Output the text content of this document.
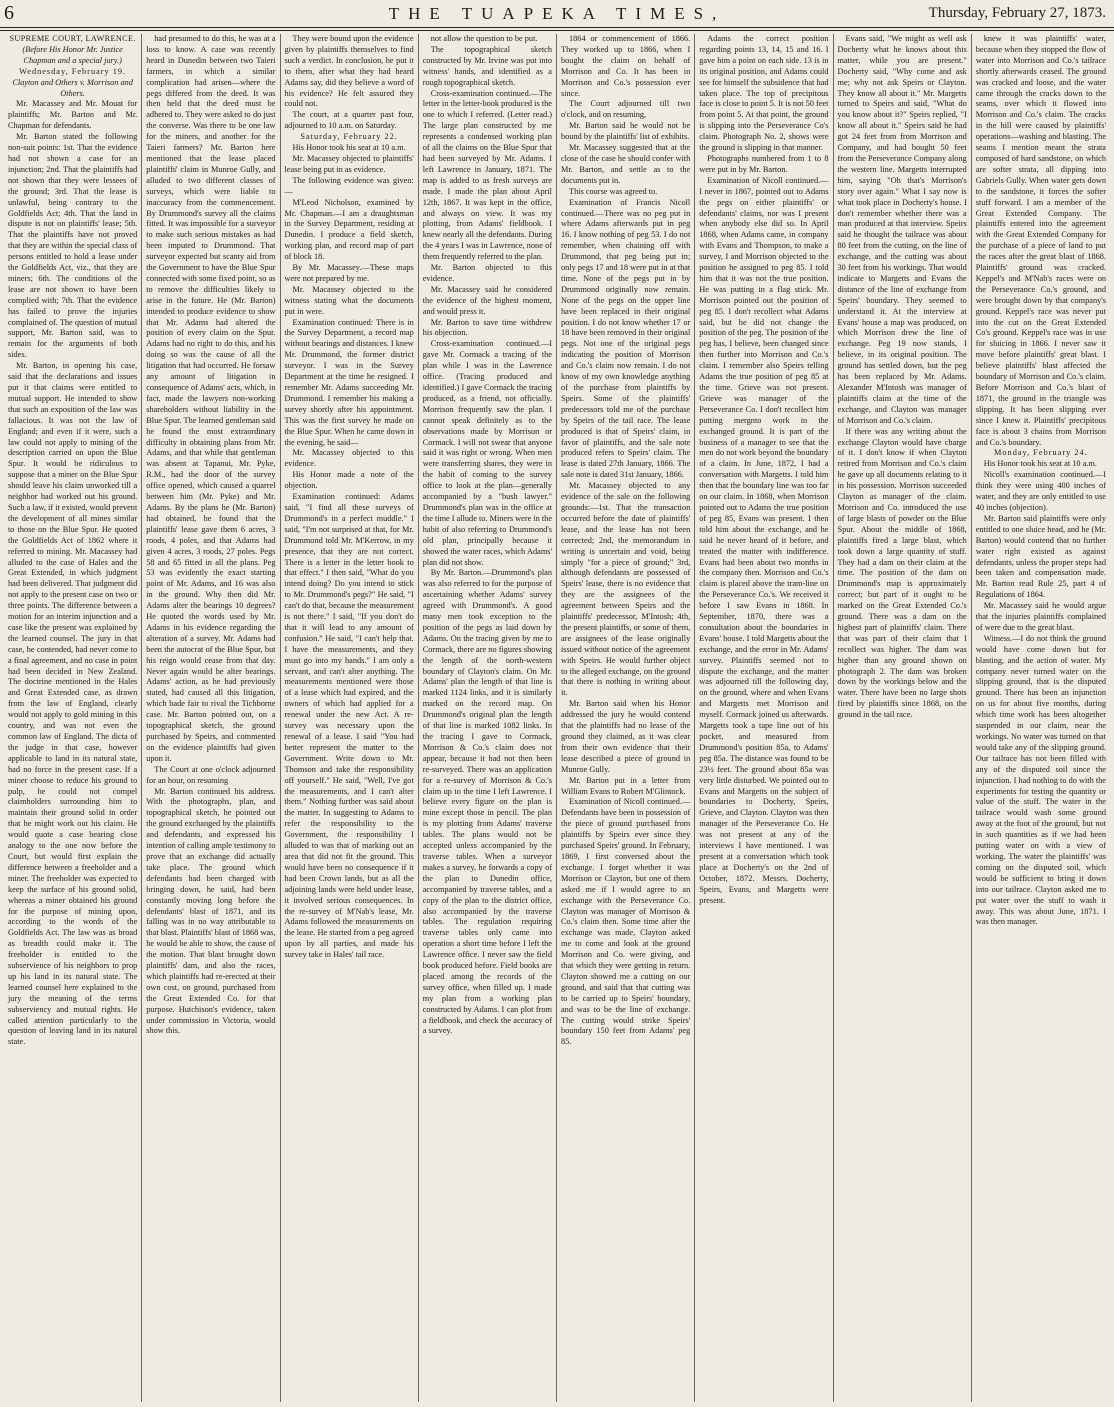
6	THE TUAPEKA TIMES,	Thursday, February 27, 1873.

SUPREME COURT, LAWRENCE.

(Before His Honor Mr. Justice Chapman and a special jury.)

Wednesday, February 19.

Clayton and Others v. Morrison and Others.

Mr. Macassey and Mr. Mouat for plaintiffs; Mr. Barton and Mr. Chapman for defendants.

Mr. Barton stated the following non-suit points: 1st. That the evidence had not shown a case for an injunction; 2nd. That the plaintiffs had not shown that they were lessees of the ground; 3rd. That the lease is unlawful, being contrary to the Goldfields Act; 4th. That the land in dispute is not on plaintiffs' lease; 5th. That the plaintiffs have not proved that they are within the special class of persons entitled to hold a lease under the Goldfields Act, viz., that they are miners; 6th. The conditions of the lease are not shown to have been complied with; 7th. That the evidence has failed to prove the injuries complained of. The question of mutual support, Mr. Barton said, was to remain for the arguments of both sides.

Mr. Barton, in opening his case, said that the declarations and issues put it that claims were entitled to mutual support. He intended to show that such an exposition of the law was fallacious. It was not the law of England; and even if it were, such a law could not apply to mining of the description carried on upon the Blue Spur. It would be ridiculous to suppose that a miner on the Blue Spur should leave his claim unworked till a neighbor had worked out his ground. Such a law, if it existed, would prevent the development of all mines similar to those on the Blue Spur. He quoted the Goldfields Act of 1862 where it referred to mining. Mr. Macassey had alluded to the case of Hales and the Great Extended, in which judgment had been delivered. That judgment did not apply to the present case on two or three points. The difference between a motion for an interim injunction and a case like the present was explained by the learned counsel. The jury in that case, he contended, had never come to a final agreement, and no case in point had been decided in New Zealand. The doctrine mentioned in the Hales and Great Extended case, as drawn from the law of England, clearly would not apply to gold mining in this country, and was not even the common law of England. The dicta of the judge in that case, however applicable to land in its natural state, had no force in the present case. If a miner choose to reduce his ground to pulp, he could not compel claimholders surrounding him to maintain their ground solid in order that he might work out his claim. He would quote a case bearing close analogy to the one now before the Court, but would first explain the difference between a freeholder and a miner. The freeholder was expected to keep the surface of his ground solid, whereas a miner obtained his ground for the purpose of mining upon, according to the words of the Goldfields Act. The law was as broad as breadth could make it. The freeholder is entitled to the subservience of his neighbors to prop up his land in its natural state. The learned counsel here explained to the jury the meaning of the terms subserviency and mutual rights. He called attention particularly to the question of leaving land in its natural state.

had presumed to do this, he was at a loss to know. A case was recently heard in Dunedin between two Taieri farmers, in which a similar complication had arisen—where the pegs differed from the deed. It was then held that the deed must be adhered to. They were asked to do just the converse. Was there to be one law for the miners, and another for the Taieri farmers? Mr. Barton here mentioned that the lease placed plaintiffs' claim in Munroe Gully, and alluded to two different classes of surveys, which were liable to inaccuracy from the commencement. By Drummond's survey all the claims fitted. It was impossible for a surveyor to make such serious mistakes as had been imputed to Drummond. That surveyor expected but scanty aid from the Government to have the Blue Spur connected with some fixed point, so as to remove the difficulties likely to arise in the future. He (Mr. Barton) intended to produce evidence to show that Mr. Adams had altered the position of every claim on the Spur. Adams had no right to do this, and his doing so was the cause of all the litigation that had occurred. He forsaw any amount of litigation in consequence of Adams' acts, which, in fact, made the lawyers non-working shareholders without liability in the Blue Spur. The learned gentleman said he found the most extraordinary difficulty in obtaining plans from Mr. Adams, and that while that gentleman was absent at Tapanui, Mr. Pyke, R.M., had the door of the survey office opened, which caused a quarrel between him (Mr. Pyke) and Mr. Adams. By the plans he (Mr. Barton) had obtained, he found that the plaintiffs' lease gave them 6 acres, 3 roods, 4 poles, and that Adams had given 4 acres, 3 roods, 27 poles. Pegs 58 and 65 fitted in all the plans. Peg 53 was evidently the exact starting point of Mr. Adams, and 16 was also in the ground. Why then did Mr. Adams alter the bearings 10 degrees? He quoted the words used by Mr. Adams in his evidence regarding the alteration of a survey. Mr. Adams had been the autocrat of the Blue Spur, but his reign would cease from that day. Never again would he alter bearings. Adams' action, as he had previously stated, had caused all this litigation, which bade fair to rival the Tichborne case. Mr. Barton pointed out, on a topographical sketch, the ground purchased by Speirs, and commented on the evidence plaintiffs had given upon it.

The Court at one o'clock adjourned for an hour, on resuming

Mr. Barton continued his address. With the photographs, plan, and topographical sketch, he pointed out the ground exchanged by the plaintiffs and defendants, and expressed his intention of calling ample testimony to prove that an exchange did actually take place. The ground which defendants had been charged with bringing down, he said, had been constantly moving long before the defendants' blast of 1871, and its falling was in no way attributable to that blast. Plaintiffs' blast of 1868 was, he would be able to show, the cause of the motion. That blast brought down plaintiffs' dam, and also the races, which plaintiffs had re-erected at their own cost, on ground, purchased from the Great Extended Co. for that purpose. Hutchison's evidence, taken under commission in Victoria, would show this.

They were bound upon the evidence given by plaintiffs themselves to find such a verdict. In conclusion, he put it to them, after what they had heard Adams say, did they believe a word of his evidence? He felt assured they could not.

The court, at a quarter past four, adjourned to 10 a.m. on Saturday.

Saturday, February 22.

His Honor took his seat at 10 a.m.

Mr. Macassey objected to plaintiffs' lease being put in as evidence.

The following evidence was given:—

M'Leod Nicholson, examined by Mr. Chapman.—I am a draughtsman in the Survey Department, residing at Dunedin. I produce a field sketch, working plan, and record map of part of block 18.

By Mr. Macassey.—These maps were not prepared by me.

Mr. Macassey objected to the witness stating what the documents put in were.

Examination continued: There is in the Survey Department, a record map without bearings and distances. I knew Mr. Drummond, the former district surveyor. I was in the Survey Department at the time he resigned. I remember Mr. Adams succeeding Mr. Drummond. I remember his making a survey shortly after his appointment. This was the first survey he made on the Blue Spur. When he came down in the evening, he said—

Mr. Macassey objected to this evidence.

His Honor made a note of the objection.

Examination continued: Adams said, "I find all these surveys of Drummond's in a perfect muddle." I said, "I'm not surprised at that, for Mr. Drummond told Mr. M'Kerrow, in my presence, that they are not correct. There is a letter in the letter book to that effect." I then said, "What do you intend doing? Do you intend to stick to Mr. Drummond's pegs?" He said, "I can't do that, because the measurement is not there." I said, "If you don't do that it will lead to any amount of confusion." He said, "I can't help that. I have the measurements, and they must go into my hands." I am only a servant, and can't alter anything. The measurements mentioned were those of a lease which had expired, and the owners of which had applied for a renewal under the new Act. A re-survey was necessary upon the renewal of a lease. I said "You had better represent the matter to the Government. Write down to Mr. Thomson and take the responsibility off yourself." He said, "Well, I've got the measurements, and I can't alter them." Nothing further was said about the matter. In suggesting to Adams to refer the responsibility to the Government, the responsibility I alluded to was that of marking out an area that did not fit the ground. This would have been no consequence if it had been Crown lands, but as all the adjoining lands were held under lease, it involved serious consequences. In the re-survey of M'Nab's lease, Mr. Adams followed the measurements on the lease. He started from a peg agreed upon by all parties, and made his survey take in Hales' tail race.

not allow the question to be put.

The topographical sketch constructed by Mr. Irvine was put into witness' hands, and identified as a rough topographical sketch.

Cross-examination continued.—The letter in the letter-book produced is the one to which I referred. (Letter read.) The large plan constructed by me represents a condensed working plan of all the claims on the Blue Spur that had been surveyed by Mr. Adams. I left Lawrence in January, 1871. The map is added to as fresh surveys are made. I made the plan about April 12th, 1867. It was kept in the office, and always on view. It was my plotting, from Adams' fieldbook. I knew nearly all the defendants. During the 4 years I was in Lawrence, none of them frequently referred to the plan.

Mr. Barton objected to this evidence.

Mr. Macassey said he considered the evidence of the highest moment, and would press it.

Mr. Barton to save time withdrew his objection.

Cross-examination continued.—I gave Mr. Cormack a tracing of the plan while I was in the Lawrence office. (Tracing produced and identified.) I gave Cormack the tracing produced, as a friend, not officially. Morrison frequently saw the plan. I cannot speak definitely as to the observations made by Morrison or Cormack. I will not swear that anyone said it was right or wrong. When men were transferring shares, they were in the habit of coming to the survey office to look at the plan—generally accompanied by a "bush lawyer." Drummond's plan was in the office at the time I allude to. Miners were in the habit of also referring to Drummond's old plan, principally because it showed the water races, which Adams' plan did not show.

By Mr. Barton.—Drummond's plan was also referred to for the purpose of ascertaining whether Adams' survey agreed with Drummond's. A good many men took exception to the position of the pegs as laid down by Adams. On the tracing given by me to Cormack, there are no figures showing the length of the north-western boundary of Clayton's claim. On Mr. Adams' plan the length of that line is marked 1124 links, and it is similarly marked on the record map. On Drummond's original plan the length of that line is marked 1082 links. In the tracing I gave to Cormack, Morrison & Co.'s claim does not appear, because it had not then been re-surveyed. There was an application for a re-survey of Morrison & Co.'s claim up to the time I left Lawrence. I believe every figure on the plan is mine except those in pencil. The plan is my plotting from Adams' traverse tables. The plans would not be accepted unless accompanied by the traverse tables. When a surveyor makes a survey, he forwards a copy of the plan to Dunedin office, accompanied by traverse tables, and a copy of the plan to the district office, also accompanied by the traverse tables. The regulation requiring traverse tables only came into operation a short time before I left the Lawrence office. I never saw the field book produced before. Field books are placed among the records of the survey office, when filled up. I made my plan from a working plan constructed by Adams. I can plot from a fieldbook, and check the accuracy of a survey.

1864 or commencement of 1866. They worked up to 1866, when I bought the claim on behalf of Morrison and Co. It has been in Morrison and Co.'s possession ever since.

The Court adjourned till two o'clock, and on resuming,

Mr. Barton said he would not be bound by the plaintiffs' list of exhibits.

Mr. Macassey suggested that at the close of the case he should confer with Mr. Barton, and settle as to the documents put in.

This course was agreed to.

Examination of Francis Nicoll continued.—There was no peg put in where Adams afterwards put in peg 16. I know nothing of peg 53. I do not remember, when chaining off with Drummond, that peg being put in; only pegs 17 and 18 were put in at that time. None of the pegs put in by Drummond originally now remain. None of the pegs on the upper line have been replaced in their original position. I do not know whether 17 or 18 have been removed in their original pegs. Not one of the original pegs indicating the position of Morrison and Co.'s claim now remain. I do not know of my own knowledge anything of the purchase from plaintiffs by Speirs. Some of the plaintiffs' predecessors told me of the purchase by Speirs of the tail race. The lease produced is that of Speirs' claim, in favor of plaintiffs, and the sale note produced refers to Speirs' claim. The lease is dated 27th January, 1866. The sale note is dated 31st January, 1866.

Mr. Macassey objected to any evidence of the sale on the following grounds:—1st. That the transaction occurred before the date of plaintiffs' lease, and the lease has not been corrected; 2nd, the memorandum in writing is uncertain and void, being simply "for a piece of ground;" 3rd, although defendants are possessed of Speirs' lease, there is no evidence that they are the assignees of the agreement between Speirs and the plaintiffs' predecessor, M'Intosh; 4th, the present plaintiffs, or some of them, are assignees of the lease originally issued without notice of the agreement with Speirs. He would further object to the alleged exchange, on the ground that there is nothing in writing about it.

Mr. Barton said when his Honor addressed the jury he would contend that the plaintiffs had no lease of the ground they claimed, as it was clear from their own evidence that their lease described a piece of ground in Munroe Gully.

Mr. Barton put in a letter from William Evans to Robert M'Glintock.

Examination of Nicoll continued.—Defendants have been in possession of the piece of ground purchased from plaintiffs by Speirs ever since they purchased Speirs' ground. In February, 1869, I first conversed about the exchange. I forget whether it was Morrison or Clayton, but one of them asked me if I would agree to an exchange with the Perseverance Co. Clayton was manager of Morrison & Co.'s claim then. Some time after the exchange was made, Clayton asked me to come and look at the ground Morrison and Co. were giving, and that which they were getting in return. Clayton showed me a cutting on our ground, and said that that cutting was to be carried up to Speirs' boundary, and was to be the line of exchange. The cutting would strike Speirs' boundary 150 feet from Adams' peg 85.

Adams the correct position regarding points 13, 14, 15 and 16. I gave him a point on each side. 13 is in its original position, and Adams could see for himself the subsidence that had taken place. The top of precipitous face is close to point 5. It is not 50 feet from point 5. At that point, the ground is slipping into the Perseverance Co's claim. Photograph No. 2, shows were the ground is slipping in that manner.

Photographs numbered from 1 to 8 were put in by Mr. Barton.

Examination of Nicoll continued.—I never in 1867, pointed out to Adams the pegs on either plaintiffs' or defendants' claims, nor was I present when anybody else did so. In April 1868, when Adams came, in company with Evans and Thompson, to make a survey, I and Morrison objected to the position he assigned to peg 85. I told him that it was not the true position. He was putting in a flag stick. Mr. Morrison pointed out the position of peg 85. I don't recollect what Adams said, but he did not change the position of the peg. The position of the peg has, I believe, been changed since then further into Morrison and Co.'s claim. I remember also Speirs telling Adams the true position of peg 85 at the time. Grieve was not present. Grieve was manager of the Perseverance Co. I don't recollect him putting mergnto work in the exchanged ground. It is part of the business of a manager to see that the men do not work beyond the boundary of a claim. In June, 1872, I had a conversation with Margetts. I told him then that the boundary line was too far on our claim. In 1868, when Morrison pointed out to Adams the true position of peg 85, Evans was present. I then told him about the exchange, and he said he never heard of it before, and treated the matter with indifference. Evans had been about two months in the company then. Morrison and Co.'s claim is placed above the tram-line on the Perseverance Co.'s. We received it before I saw Evans in 1868. In September, 1870, there was a consultation about the boundaries in Evans' house. I told Margetts about the exchange, and the error in Mr. Adams' survey. Plaintiffs seemed not to dispute the exchange, and the matter was adjourned till the following day, on the ground, where and when Evans and Margetts met Morrison and myself. Cormack joined us afterwards. Margetts took a tape line out of his pocket, and measured from Drummond's position 85a, to Adams' peg 85a. The distance was found to be 23½ feet. The ground about 85a was very little disturbed. We pointed out to Evans and Margetts on the subject of boundaries to Docherty, Speirs, Grieve, and Clayton. Clayton was then manager of the Perseverance Co. He was not present at any of the interviews I have mentioned. I was present at a conversation which took place at Docherty's on the 2nd of October, 1872. Messrs. Docherty, Speirs, Evans, and Margetts were present.

Evans said, "We might as well ask Docherty what he knows about this matter, while you are present." Docherty said, "Why come and ask me; why not ask Speirs or Clayton. They know all about it." Mr. Margetts turned to Speirs and said, "What do you know about it?" Speirs replied, "I know all about it." Speirs said he had got 24 feet from from Morrison and Company, and had bought 50 feet from the Perseverance Company along the western line. Margetts interrupted him, saying "Oh that's Morrison's story over again." What I say now is what took place in Docherty's house. I don't remember whether there was a man produced at that interview. Speirs said he thought the tailrace was about 80 feet from the cutting, on the line of exchange, and the cutting was about 30 feet from his workings. That would indicate to Margetts and Evans the distance of the line of exchange from Speirs' boundary. They seemed to understand it. At the interview at Evans' house a map was produced, on which Morrison drew the line of exchange. Peg 19 now stands, I believe, in its original position. The ground has settled down, but the peg has been replaced by Mr. Adams. Alexander M'Intosh was manager of plaintiffs claim at the time of the exchange, and Clayton was manager of Morrison and Co.'s claim.

If there was any writing about the exchange Clayton would have charge of it. I don't know if when Clayton retired from Morrison and Co.'s claim he gave up all documents relating to it in his possession. Morrison succeeded Clayton as manager of the claim. Morrison and Co. introduced the use of large blasts of powder on the Blue Spur. About the middle of 1868, plaintiffs fired a large blast, which took down a large quantity of stuff. They had a dam on their claim at the time. The position of the dam on Drummond's map is approximately correct; but part of it ought to be marked on the Great Extended Co.'s ground. There was a dam on the highest part of plaintiffs' claim. There that was part of their claim that I recollect was higher. The dam was higher than any ground shown on photograph 2. The dam was broken down by the workings below and the water. There have been no large shots fired by plaintiffs since 1868, on the ground in the tail race.

knew it was plaintiffs' water, because when they stopped the flow of water into Morrison and Co.'s tailrace shortly afterwards ceased. The ground was cracked and loose, and the water came through the cracks down to the seams, over which it flowed into Morrison and Co.'s claim. The cracks in the hill were caused by plaintiffs' operations—washing and blasting. The seams I mention meant the strata composed of hard sandstone, on which are softer strata, all dipping into Gabriels Gully. When water gets down to the sandstone, it forces the softer stuff forward. I am a member of the Great Extended Company. The plaintiffs entered into the agreement with the Great Extended Company for the purchase of a piece of land to put the races after the great blast of 1868. Plaintiffs' ground was cracked. Keppel's and M'Nab's races were on the Perseverance Co.'s ground, and were brought down by that company's ground. Keppel's race was never put into the cut on the Great Extended Co's ground. Keppel's race was in use for sluicing in 1866. I never saw it move before plaintiffs' great blast. I believe plaintiffs' blast affected the boundary of Morrison and Co.'s claim. Before Morrison and Co.'s blast of 1871, the ground in the triangle was slipping. It has been slipping ever since I knew it. Plaintiffs' precipitous face is about 3 chains from Morrison and Co.'s boundary.

Monday, February 24.

His Honor took his seat at 10 a.m.

Nicoll's examination continued.—I think they were using 400 inches of water, and they are only entitled to use 40 inches (objection).

Mr. Barton said plaintiffs were only entitled to one sluice head, and he (Mr. Barton) would contend that no further water right existed as against defendants, unless the proper steps had been taken and compensation made. Mr. Barton read Rule 25, part 4 of Regulations of 1864.

Mr. Macassey said he would argue that the injuries plaintiffs complained of were due to the great blast.

Witness.—I do not think the ground would have come down but for blasting, and the action of water. My company never turned water on the slipping ground, that is the disputed ground. There has been an injunction on us for about five months, during which time work has been altogether suspended in our claim, near the workings. No water was turned on that would take any of the slipping ground. Our tailrace has not been filled with any of the disputed soil since the injunction. I had nothing to do with the experiments for testing the quantity or value of the stuff. The water in the tailrace would wash some ground away at the foot of the ground, but not in such quantities as if we had been putting water on with a view of working. The water the plaintiffs' was coming on the disputed soil, which would be sufficient to bring it down into our tailrace. Clayton asked me to put water over the stuff to wash it away. This was about June, 1871. I was then manager.
